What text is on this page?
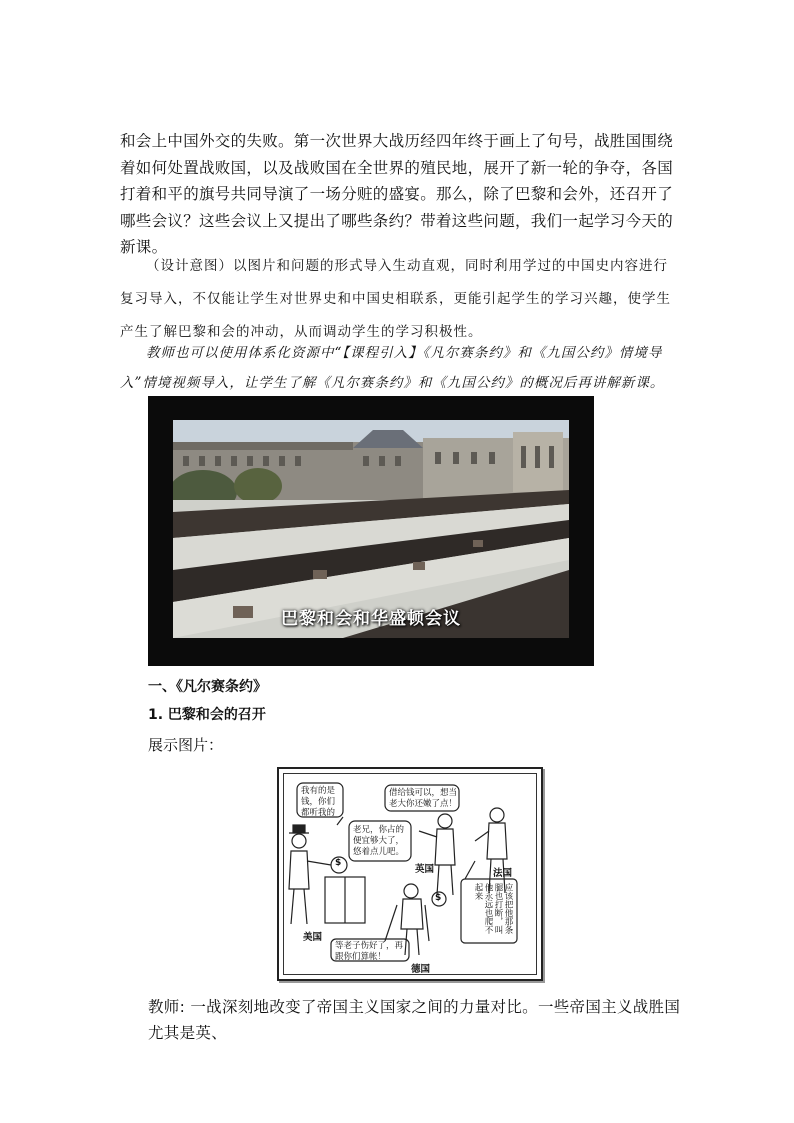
和会上中国外交的失败。第一次世界大战历经四年终于画上了句号，战胜国围绕着如何处置战败国，以及战败国在全世界的殖民地，展开了新一轮的争夺，各国打着和平的旗号共同导演了一场分赃的盛宴。那么，除了巴黎和会外，还召开了哪些会议？这些会议上又提出了哪些条约？带着这些问题，我们一起学习今天的新课。

（设计意图）以图片和问题的形式导入生动直观，同时利用学过的中国史内容进行复习导入，不仅能让学生对世界史和中国史相联系，更能引起学生的学习兴趣，使学生产生了解巴黎和会的冲动，从而调动学生的学习积极性。

教师也可以使用体系化资源中“【课程引入】《凡尔赛条约》和《九国公约》情境导入”情境视频导入，让学生了解《凡尔赛条约》和《九国公约》的概况后再讲解新课。

巴黎和会和华盛顿会议
一、《凡尔赛条约》
1. 巴黎和会的召开
展示图片：
我有的是钱，你们都听我的
借给钱可以，想当老大你还嫩了点！
老兄，你占的便宜够大了，悠着点儿吧。
等老子伤好了，再跟你们算帐！
应该把他那条腿也打断，叫他永远也爬不起来
美国
英国	法国
德国
$
$

教师: 一战深刻地改变了帝国主义国家之间的力量对比。一些帝国主义战胜国尤其是英、
